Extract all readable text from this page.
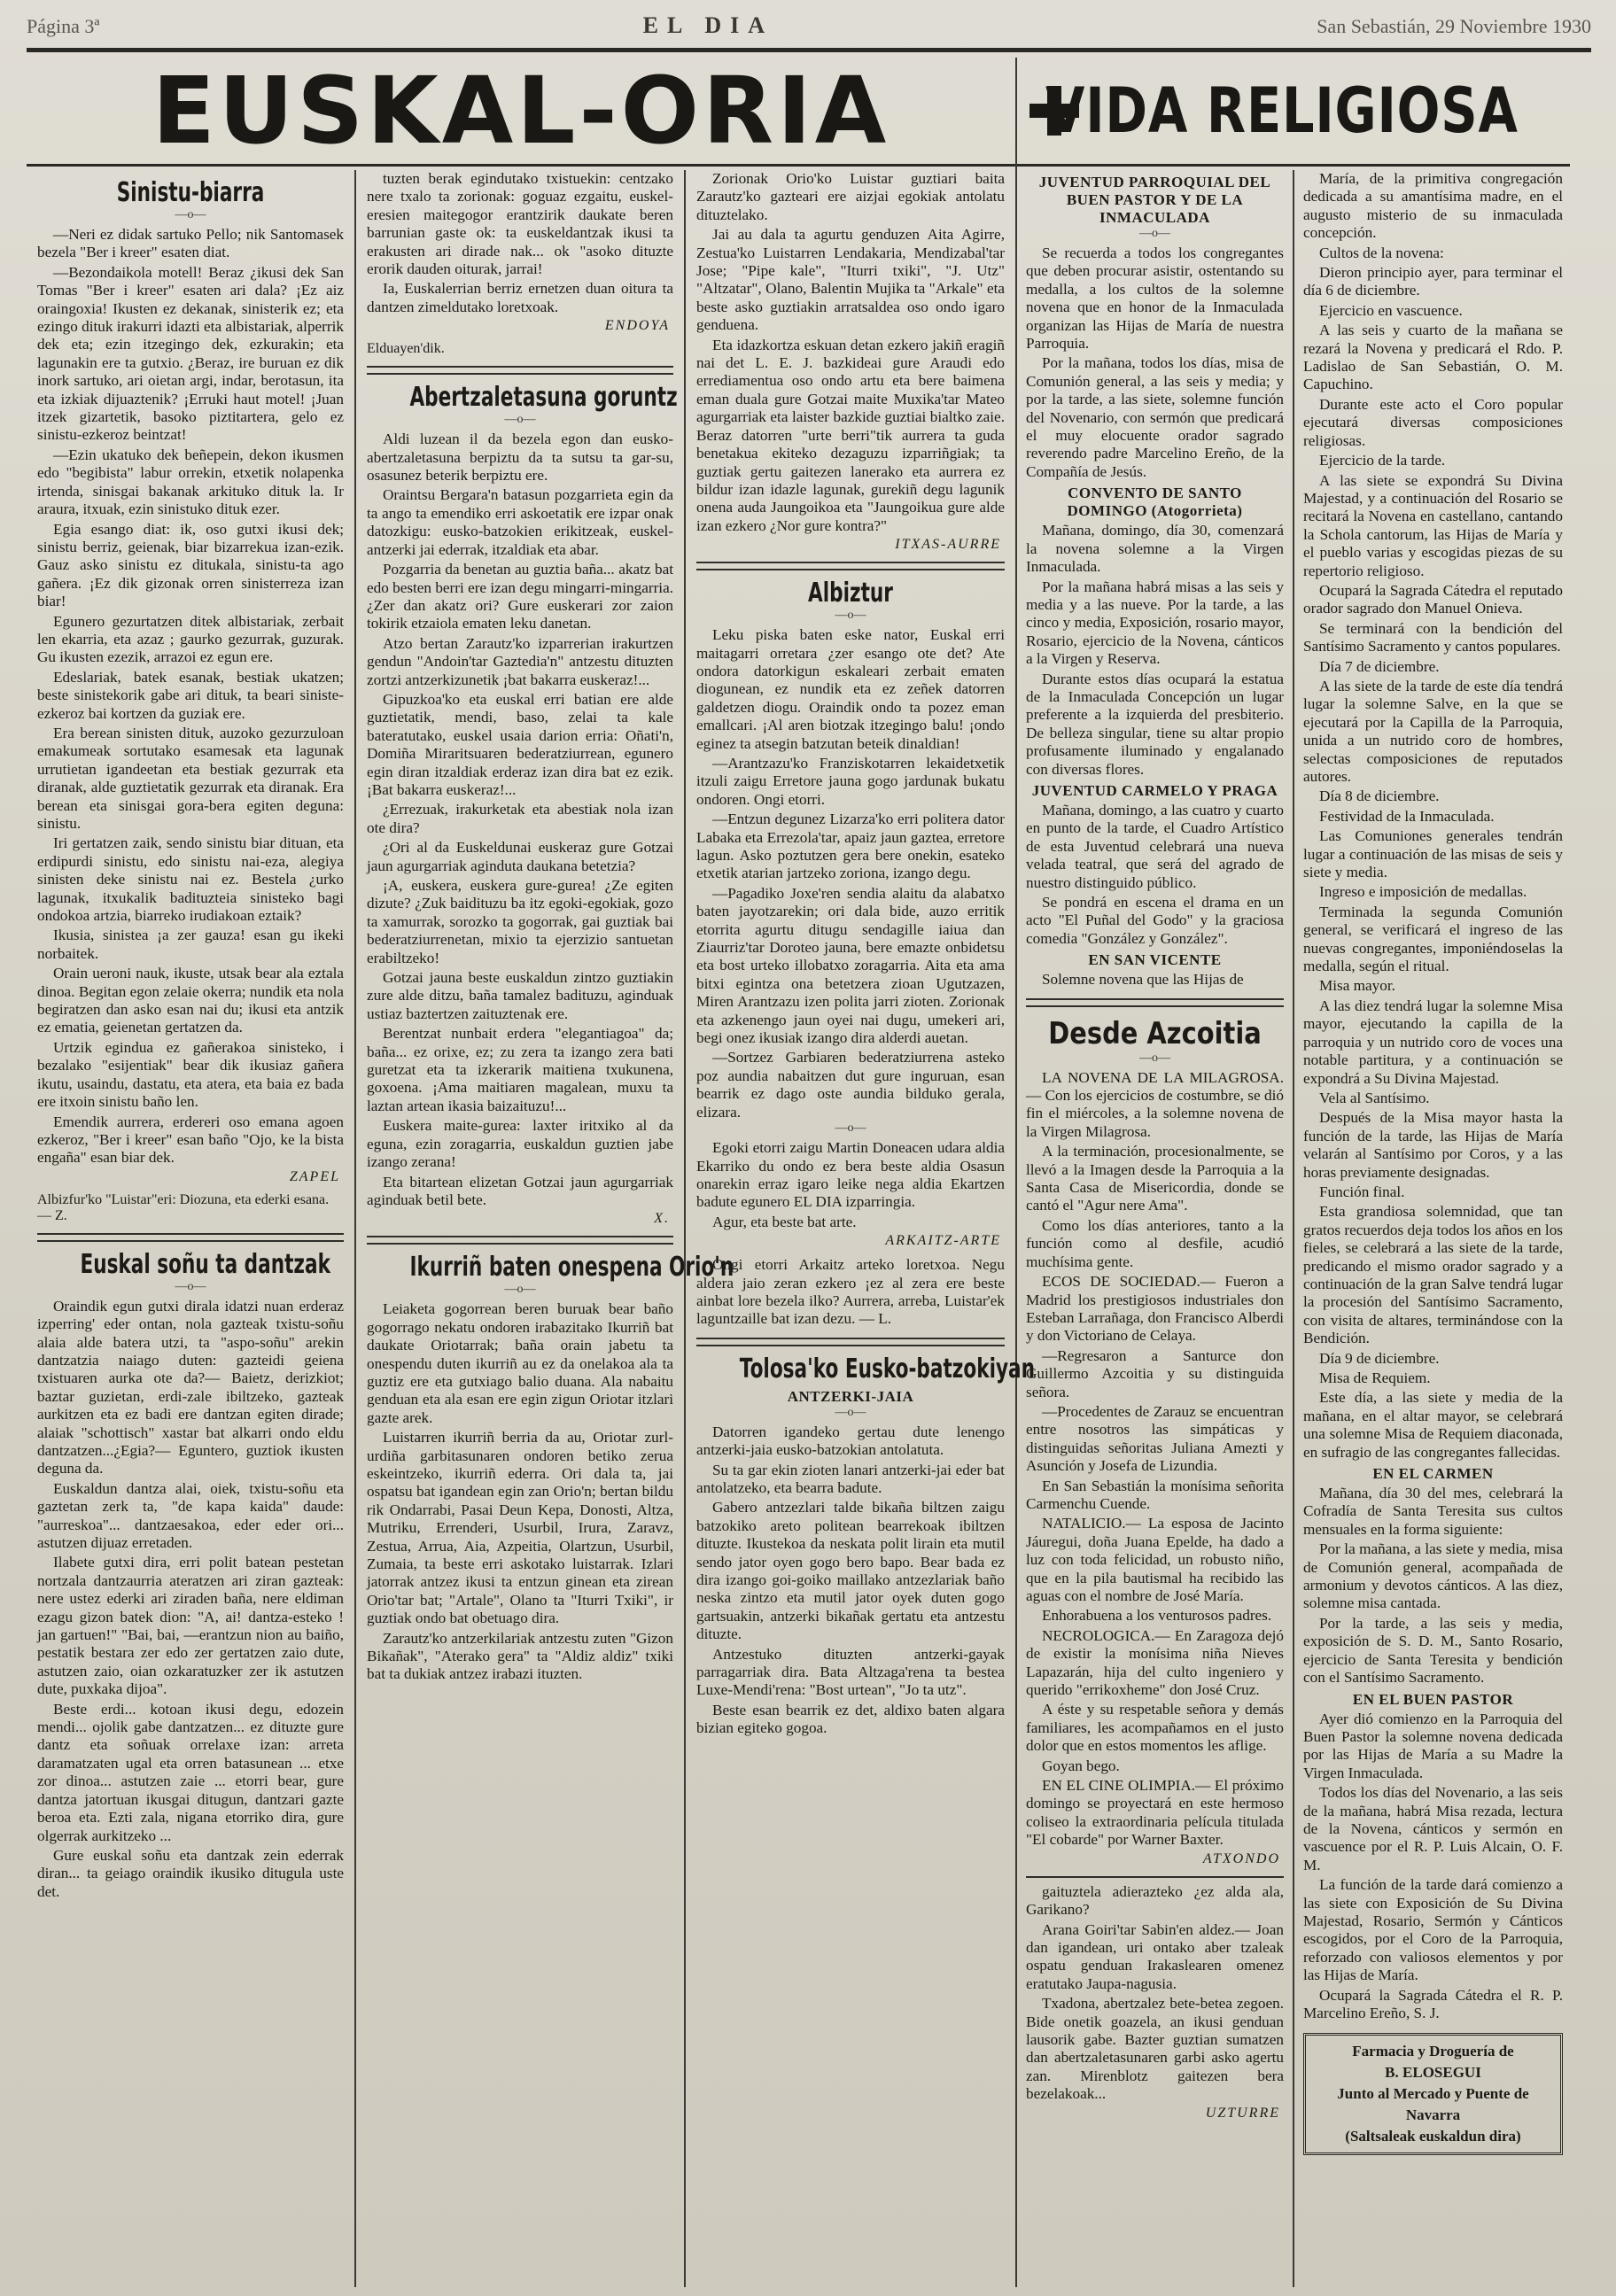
Página 3ª	EL DIA	San Sebastián, 29 Noviembre 1930
EUSKAL-ORIA
Sinistu-biarra
—o—

—Neri ez didak sartuko Pello; nik Santomasek bezela "Ber i kreer" esaten diat.

—Bezondaikola motell! Beraz ¿ikusi dek San Tomas "Ber i kreer" esaten ari dala? ¡Ez aiz oraingoxia! Ikusten ez dekanak, sinisterik ez; eta ezingo dituk irakurri idazti eta albistariak, alperrik dek eta; ezin itzegingo dek, ezkurakin; eta lagunakin ere ta gutxio. ¿Beraz, ire buruan ez dik inork sartuko, ari oietan argi, indar, berotasun, ita eta izkiak dijuaztenik? ¡Erruki haut motel! ¡Juan itzek gizartetik, basoko piztitartera, gelo ez sinistu-ezkeroz beintzat!

—Ezin ukatuko dek beñepein, dekon ikusmen edo "begibista" labur orrekin, etxetik nolapenka irtenda, sinisgai bakanak arkituko dituk la. Ir araura, itxuak, ezin sinistuko dituk ezer.

Egia esango diat: ik, oso gutxi ikusi dek; sinistu berriz, geienak, biar bizarrekua izan-ezik. Gauz asko sinistu ez ditukala, sinistu-ta ago gañera. ¡Ez dik gizonak orren sinisterreza izan biar!

Egunero gezurtatzen ditek albistariak, zerbait len ekarria, eta azaz ; gaurko gezurrak, guzurak. Gu ikusten ezezik, arrazoi ez egun ere.

Edeslariak, batek esanak, bestiak ukatzen; beste sinistekorik gabe ari dituk, ta beari siniste-ezkeroz bai kortzen da guziak ere.

Era berean sinisten dituk, auzoko gezurzuloan emakumeak sortutako esamesak eta lagunak urrutietan igandeetan eta bestiak gezurrak eta diranak, alde guztietatik gezurrak eta diranak. Era berean eta sinisgai gora-bera egiten deguna: sinistu.

Iri gertatzen zaik, sendo sinistu biar dituan, eta erdipurdi sinistu, edo sinistu nai-eza, alegiya sinisten deke sinistu nai ez. Bestela ¿urko lagunak, itxukalik badituzteia sinisteko bagi ondokoa artzia, biarreko irudiakoan eztaik?

Ikusia, sinistea ¡a zer gauza! esan gu ikeki norbaitek.

Orain ueroni nauk, ikuste, utsak bear ala eztala dinoa. Begitan egon zelaie okerra; nundik eta nola begiratzen dan asko esan nai du; ikusi eta antzik ez ematia, geienetan gertatzen da.

Urtzik egindua ez gañerakoa sinisteko, i bezalako "esijentiak" bear dik ikusiaz gañera ikutu, usaindu, dastatu, eta atera, eta baia ez bada ere itxoin sinistu baño len.

Emendik aurrera, erdereri oso emana agoen ezkeroz, "Ber i kreer" esan baño "Ojo, ke la bista engaña" esan biar dek.

ZAPEL

Albizfur'ko "Luistar"eri: Diozuna, eta ederki esana. — Z.

Euskal soñu ta dantzak
—o—

Oraindik egun gutxi dirala idatzi nuan erderaz izperring' eder ontan, nola gazteak txistu-soñu alaia alde batera utzi, ta "aspo-soñu" arekin dantzatzia naiago duten: gazteidi geiena txistuaren aurka ote da?— Baietz, derizkiot; baztar guzietan, erdi-zale ibiltzeko, gazteak aurkitzen eta ez badi ere dantzan egiten dirade; alaiak "schottisch" xastar bat alkarri ondo eldu dantzatzen...¿Egia?— Eguntero, guztiok ikusten deguna da.

Euskaldun dantza alai, oiek, txistu-soñu eta gaztetan zerk ta, "de kapa kaida" daude: "aurreskoa"... dantzaesakoa, eder eder ori... astutzen dijuaz erretaden.

Ilabete gutxi dira, erri polit batean pestetan nortzala dantzaurria ateratzen ari ziran gazteak: nere ustez ederki ari ziraden baña, nere eldiman ezagu gizon batek dion: "A, ai! dantza-esteko ! jan gartuen!" "Bai, bai, —erantzun nion au baiño, pestatik bestara zer edo zer gertatzen zaio dute, astutzen zaio, oian ozkaratuzker zer ik astutzen dute, puxkaka dijoa".

Beste erdi... kotoan ikusi degu, edozein mendi... ojolik gabe dantzatzen... ez dituzte gure dantz eta soñuak orrelaxe izan: arreta daramatzaten ugal eta orren batasunean ... etxe zor dinoa... astutzen zaie ... etorri bear, gure dantza jatortuan ikusgai ditugun, dantzari gazte beroa eta. Ezti zala, nigana etorriko dira, gure olgerrak aurkitzeko ...

Gure euskal soñu eta dantzak zein ederrak diran... ta geiago oraindik ikusiko ditugula uste det.

tuzten berak egindutako txistuekin: centzako nere txalo ta zorionak: goguaz ezgaitu, euskel-eresien maitegogor erantzirik daukate beren barrunian gaste ok: ta euskeldantzak ikusi ta erakusten ari dirade nak... ok "asoko dituzte erorik dauden oiturak, jarrai!

Ia, Euskalerrian berriz ernetzen duan oitura ta dantzen zimeldutako loretxoak.

ENDOYA

Elduayen'dik.

Abertzaletasuna goruntz
—o—

Aldi luzean il da bezela egon dan eusko-abertzaletasuna berpiztu da ta sutsu ta gar-su, osasunez beterik berpiztu ere.

Oraintsu Bergara'n batasun pozgarrieta egin da ta ango ta emendiko erri askoetatik ere izpar onak datozkigu: eusko-batzokien erikitzeak, euskel-antzerki jai ederrak, itzaldiak eta abar.

Pozgarria da benetan au guztia baña... akatz bat edo besten berri ere izan degu mingarri-mingarria. ¿Zer dan akatz ori? Gure euskerari zor zaion tokirik etzaiola ematen leku danetan.

Atzo bertan Zarautz'ko izparrerian irakurtzen gendun "Andoin'tar Gaztedia'n" antzestu dituzten zortzi antzerkizunetik ¡bat bakarra euskeraz!...

Gipuzkoa'ko eta euskal erri batian ere alde guztietatik, mendi, baso, zelai ta kale bateratutako, euskel usaia darion erria: Oñati'n, Domiña Miraritsuaren bederatziurrean, egunero egin diran itzaldiak erderaz izan dira bat ez ezik. ¡Bat bakarra euskeraz!...

¿Errezuak, irakurketak eta abestiak nola izan ote dira?

¿Ori al da Euskeldunai euskeraz gure Gotzai jaun agurgarriak aginduta daukana betetzia?

¡A, euskera, euskera gure-gurea! ¿Ze egiten dizute? ¿Zuk baidituzu ba itz egoki-egokiak, gozo ta xamurrak, sorozko ta gogorrak, gai guztiak bai bederatziurrenetan, mixio ta ejerzizio santuetan erabiltzeko!

Gotzai jauna beste euskaldun zintzo guztiakin zure alde ditzu, baña tamalez badituzu, aginduak ustiaz baztertzen zaituztenak ere.

Berentzat nunbait erdera "elegantiagoa" da; baña... ez orixe, ez; zu zera ta izango zera bati guretzat eta ta izkerarik maitiena txukunena, goxoena. ¡Ama maitiaren magalean, muxu ta laztan artean ikasia baizaituzu!...

Euskera maite-gurea: laxter iritxiko al da eguna, ezin zoragarria, euskaldun guztien jabe izango zerana!

Eta bitartean elizetan Gotzai jaun agurgarriak aginduak betil bete.

X.

Ikurriñ baten onespena Orio'n
—o—

Leiaketa gogorrean beren buruak bear baño gogorrago nekatu ondoren irabazitako Ikurriñ bat daukate Oriotarrak; baña orain jabetu ta onespendu duten ikurriñ au ez da onelakoa ala ta guztiz ere eta gutxiago balio duana. Ala nabaitu genduan eta ala esan ere egin zigun Oriotar itzlari gazte arek.

Luistarren ikurriñ berria da au, Oriotar zurl-urdiña garbitasunaren ondoren betiko zerua eskeintzeko, ikurriñ ederra. Ori dala ta, jai ospatsu bat igandean egin zan Orio'n; bertan bildu rik Ondarrabi, Pasai Deun Kepa, Donosti, Altza, Mutriku, Errenderi, Usurbil, Irura, Zaravz, Zestua, Arrua, Aia, Azpeitia, Olartzun, Usurbil, Zumaia, ta beste erri askotako luistarrak. Izlari jatorrak antzez ikusi ta entzun ginean eta zirean Orio'tar bat; "Artale", Olano ta "Iturri Txiki", ir guztiak ondo bat obetuago dira.

Zarautz'ko antzerkilariak antzestu zuten "Gizon Bikañak", "Aterako gera" ta "Aldiz aldiz" txiki bat ta dukiak antzez irabazi ituzten.

Zorionak Orio'ko Luistar guztiari baita Zarautz'ko gazteari ere aizjai egokiak antolatu dituztelako.

Jai au dala ta agurtu genduzen Aita Agirre, Zestua'ko Luistarren Lendakaria, Mendizabal'tar Jose; "Pipe kale", "Iturri txiki", "J. Utz" "Altzatar", Olano, Balentin Mujika ta "Arkale" eta beste asko guztiakin arratsaldea oso ondo igaro genduena.

Eta idazkortza eskuan detan ezkero jakiñ eragiñ nai det L. E. J. bazkideai gure Araudi edo errediamentua oso ondo artu eta bere baimena eman duala gure Gotzai maite Muxika'tar Mateo agurgarriak eta laister bazkide guztiai bialtko zaie. Beraz datorren "urte berri"tik aurrera ta guda benetakua ekiteko dezaguzu izparriñgiak; ta guztiak gertu gaitezen lanerako eta aurrera ez bildur izan idazle lagunak, gurekiñ degu lagunik onena auda Jaungoikoa eta "Jaungoikua gure alde izan ezkero ¿Nor gure kontra?"

ITXAS-AURRE

Albiztur
—o—

Leku piska baten eske nator, Euskal erri maitagarri orretara ¿zer esango ote det? Ate ondora datorkigun eskaleari zerbait ematen diogunean, ez nundik eta ez zeñek datorren galdetzen diogu. Oraindik ondo ta pozez eman emallcari. ¡Al aren biotzak itzegingo balu! ¡ondo eginez ta atsegin batzutan beteik dinaldian!

—Arantzazu'ko Franziskotarren lekaidetxetik itzuli zaigu Erretore jauna gogo jardunak bukatu ondoren. Ongi etorri.

—Entzun degunez Lizarza'ko erri politera dator Labaka eta Errezola'tar, apaiz jaun gaztea, erretore lagun. Asko poztutzen gera bere onekin, esateko etxetik atarian jartzeko zoriona, izango degu.

—Pagadiko Joxe'ren sendia alaitu da alabatxo baten jayotzarekin; ori dala bide, auzo erritik etorrita agurtu ditugu sendagille iaiua dan Ziaurriz'tar Doroteo jauna, bere emazte onbidetsu eta bost urteko illobatxo zoragarria. Aita eta ama bitxi egintza ona betetzera zioan Ugutzazen, Miren Arantzazu izen polita jarri zioten. Zorionak eta azkenengo jaun oyei nai dugu, umekeri ari, begi onez ikusiak izango dira alderdi auetan.

—Sortzez Garbiaren bederatziurrena asteko poz aundia nabaitzen dut gure inguruan, esan bearrik ez dago oste aundia bilduko gerala, elizara.

—o—

Egoki etorri zaigu Martin Doneacen udara aldia Ekarriko du ondo ez bera beste aldia Osasun onarekin erraz igaro leike nega aldia Ekartzen badute egunero EL DIA izparringia.

Agur, eta beste bat arte.

ARKAITZ-ARTE

Ongi etorri Arkaitz arteko loretxoa. Negu aldera jaio zeran ezkero ¡ez al zera ere beste ainbat lore bezela ilko? Aurrera, arreba, Luistar'ek laguntzaille bat izan dezu. — L.

Tolosa'ko Eusko-batzokiyan
ANTZERKI-JAIA
—o—

Datorren igandeko gertau dute lenengo antzerki-jaia eusko-batzokian antolatuta.

Su ta gar ekin zioten lanari antzerki-jai eder bat antolatzeko, eta bearra badute.

Gabero antzezlari talde bikaña biltzen zaigu batzokiko areto politean bearrekoak ibiltzen dituzte. Ikustekoa da neskata polit lirain eta mutil sendo jator oyen gogo bero bapo. Bear bada ez dira izango goi-goiko maillako antzezlariak baño neska zintzo eta mutil jator oyek duten gogo gartsuakin, antzerki bikañak gertatu eta antzestu dituzte.

Antzestuko dituzten antzerki-gayak parragarriak dira. Bata Altzaga'rena ta bestea Luxe-Mendi'rena: "Bost urtean", "Jo ta utz".

Beste esan bearrik ez det, aldixo baten algara bizian egiteko gogoa.

VIDA RELIGIOSA
JUVENTUD PARROQUIAL DEL BUEN PASTOR Y DE LA INMACULADA
—o—

Se recuerda a todos los congregantes que deben procurar asistir, ostentando su medalla, a los cultos de la solemne novena que en honor de la Inmaculada organizan las Hijas de María de nuestra Parroquia.

Por la mañana, todos los días, misa de Comunión general, a las seis y media; y por la tarde, a las siete, solemne función del Novenario, con sermón que predicará el muy elocuente orador sagrado reverendo padre Marcelino Ereño, de la Compañía de Jesús.

CONVENTO DE SANTO DOMINGO (Atogorrieta)

Mañana, domingo, día 30, comenzará la novena solemne a la Virgen Inmaculada.

Por la mañana habrá misas a las seis y media y a las nueve. Por la tarde, a las cinco y media, Exposición, rosario mayor, Rosario, ejercicio de la Novena, cánticos a la Virgen y Reserva.

Durante estos días ocupará la estatua de la Inmaculada Concepción un lugar preferente a la izquierda del presbiterio. De belleza singular, tiene su altar propio profusamente iluminado y engalanado con diversas flores.

JUVENTUD CARMELO Y PRAGA

Mañana, domingo, a las cuatro y cuarto en punto de la tarde, el Cuadro Artístico de esta Juventud celebrará una nueva velada teatral, que será del agrado de nuestro distinguido público.

Se pondrá en escena el drama en un acto "El Puñal del Godo" y la graciosa comedia "González y González".

EN SAN VICENTE

Solemne novena que las Hijas de

Desde Azcoitia
—o—

LA NOVENA DE LA MILAGROSA.— Con los ejercicios de costumbre, se dió fin el miércoles, a la solemne novena de la Virgen Milagrosa.

A la terminación, procesionalmente, se llevó a la Imagen desde la Parroquia a la Santa Casa de Misericordia, donde se cantó el "Agur nere Ama".

Como los días anteriores, tanto a la función como al desfile, acudió muchísima gente.

ECOS DE SOCIEDAD.— Fueron a Madrid los prestigiosos industriales don Esteban Larrañaga, don Francisco Alberdi y don Victoriano de Celaya.

—Regresaron a Santurce don Guillermo Azcoitia y su distinguida señora.

—Procedentes de Zarauz se encuentran entre nosotros las simpáticas y distinguidas señoritas Juliana Amezti y Asunción y Josefa de Lizundia.

En San Sebastián la monísima señorita Carmenchu Cuende.

NATALICIO.— La esposa de Jacinto Jáuregui, doña Juana Epelde, ha dado a luz con toda felicidad, un robusto niño, que en la pila bautismal ha recibido las aguas con el nombre de José María.

Enhorabuena a los venturosos padres.

NECROLOGICA.— En Zaragoza dejó de existir la monísima niña Nieves Lapazarán, hija del culto ingeniero y querido "errikoxheme" don José Cruz.

A éste y su respetable señora y demás familiares, les acompañamos en el justo dolor que en estos momentos les aflige.

Goyan bego.

EN EL CINE OLIMPIA.— El próximo domingo se proyectará en este hermoso coliseo la extraordinaria película titulada "El cobarde" por Warner Baxter.

ATXONDO

gaituztela adierazteko ¿ez alda ala, Garikano?

Arana Goiri'tar Sabin'en aldez.— Joan dan igandean, uri ontako aber tzaleak ospatu genduan Irakaslearen omenez eratutako Jaupa-nagusia.

Txadona, abertzalez bete-betea zegoen. Bide onetik goazela, an ikusi genduan lausorik gabe. Bazter guztian sumatzen dan abertzaletasunaren garbi asko agertu zan. Mirenblotz gaitezen bera bezelakoak...

UZTURRE

María, de la primitiva congregación dedicada a su amantísima madre, en el augusto misterio de su inmaculada concepción.

Cultos de la novena:

Dieron principio ayer, para terminar el día 6 de diciembre.

Ejercicio en vascuence.

A las seis y cuarto de la mañana se rezará la Novena y predicará el Rdo. P. Ladislao de San Sebastián, O. M. Capuchino.

Durante este acto el Coro popular ejecutará diversas composiciones religiosas.

Ejercicio de la tarde.

A las siete se expondrá Su Divina Majestad, y a continuación del Rosario se recitará la Novena en castellano, cantando la Schola cantorum, las Hijas de María y el pueblo varias y escogidas piezas de su repertorio religioso.

Ocupará la Sagrada Cátedra el reputado orador sagrado don Manuel Onieva.

Se terminará con la bendición del Santísimo Sacramento y cantos populares.

Día 7 de diciembre.

A las siete de la tarde de este día tendrá lugar la solemne Salve, en la que se ejecutará por la Capilla de la Parroquia, unida a un nutrido coro de hombres, selectas composiciones de reputados autores.

Día 8 de diciembre.

Festividad de la Inmaculada.

Las Comuniones generales tendrán lugar a continuación de las misas de seis y siete y media.

Ingreso e imposición de medallas.

Terminada la segunda Comunión general, se verificará el ingreso de las nuevas congregantes, imponiéndoselas la medalla, según el ritual.

Misa mayor.

A las diez tendrá lugar la solemne Misa mayor, ejecutando la capilla de la parroquia y un nutrido coro de voces una notable partitura, y a continuación se expondrá a Su Divina Majestad.

Vela al Santísimo.

Después de la Misa mayor hasta la función de la tarde, las Hijas de María velarán al Santísimo por Coros, y a las horas previamente designadas.

Función final.

Esta grandiosa solemnidad, que tan gratos recuerdos deja todos los años en los fieles, se celebrará a las siete de la tarde, predicando el mismo orador sagrado y a continuación de la gran Salve tendrá lugar la procesión del Santísimo Sacramento, con visita de altares, terminándose con la Bendición.

Día 9 de diciembre.

Misa de Requiem.

Este día, a las siete y media de la mañana, en el altar mayor, se celebrará una solemne Misa de Requiem diaconada, en sufragio de las congregantes fallecidas.

EN EL CARMEN

Mañana, día 30 del mes, celebrará la Cofradía de Santa Teresita sus cultos mensuales en la forma siguiente:

Por la mañana, a las siete y media, misa de Comunión general, acompañada de armonium y devotos cánticos. A las diez, solemne misa cantada.

Por la tarde, a las seis y media, exposición de S. D. M., Santo Rosario, ejercicio de Santa Teresita y bendición con el Santísimo Sacramento.

EN EL BUEN PASTOR

Ayer dió comienzo en la Parroquia del Buen Pastor la solemne novena dedicada por las Hijas de María a su Madre la Virgen Inmaculada.

Todos los días del Novenario, a las seis de la mañana, habrá Misa rezada, lectura de la Novena, cánticos y sermón en vascuence por el R. P. Luis Alcain, O. F. M.

La función de la tarde dará comienzo a las siete con Exposición de Su Divina Majestad, Rosario, Sermón y Cánticos escogidos, por el Coro de la Parroquia, reforzado con valiosos elementos y por las Hijas de María.

Ocupará la Sagrada Cátedra el R. P. Marcelino Ereño, S. J.

Farmacia y Droguería de
B. ELOSEGUI
Junto al Mercado y Puente de
Navarra
(Saltsaleak euskaldun dira)
